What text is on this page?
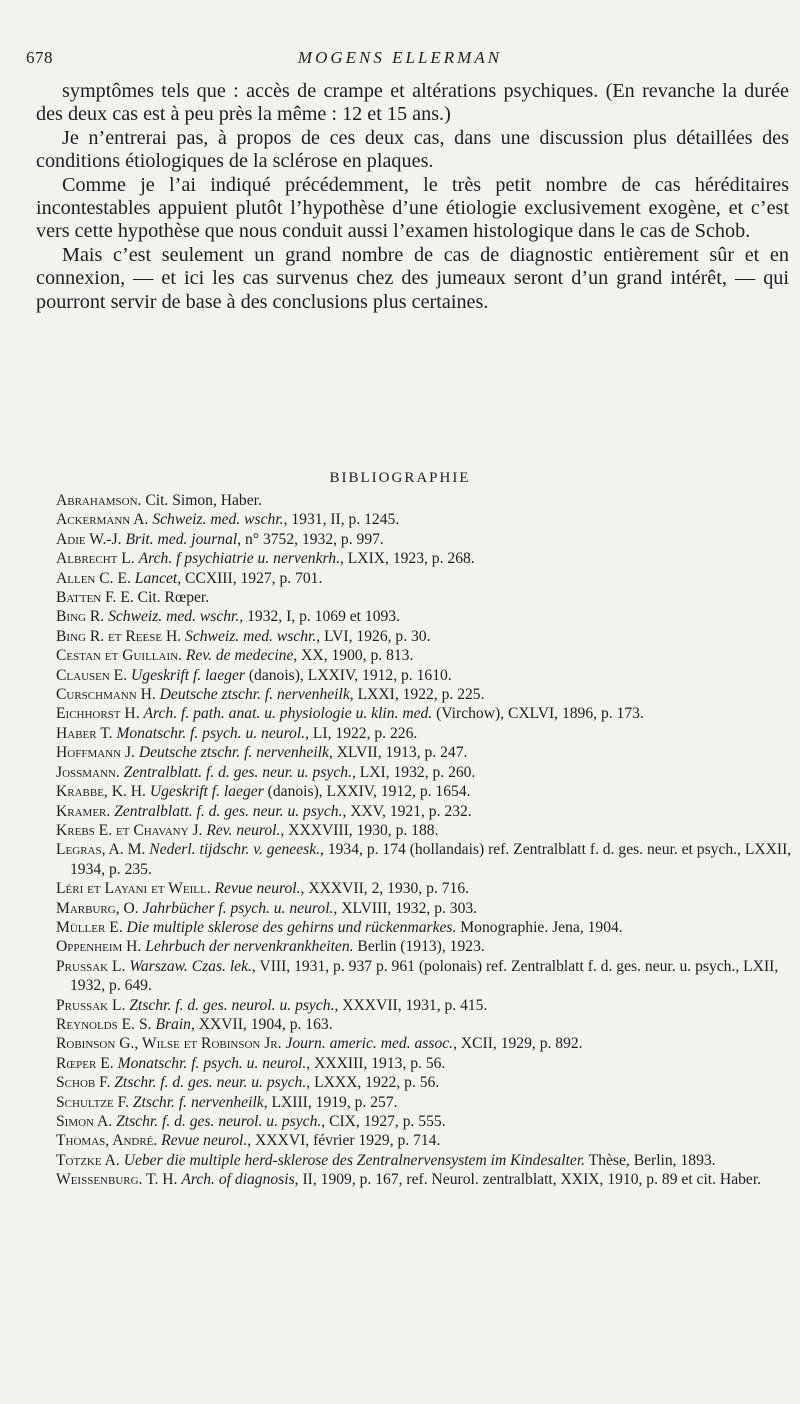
678	MOGENS ELLERMAN

symptômes tels que : accès de crampe et altérations psychiques. (En revanche la durée des deux cas est à peu près la même : 12 et 15 ans.)

Je n’entrerai pas, à propos de ces deux cas, dans une discussion plus détaillées des conditions étiologiques de la sclérose en plaques.

Comme je l’ai indiqué précédemment, le très petit nombre de cas héréditaires incontestables appuient plutôt l’hypothèse d’une étiologie exclusivement exogène, et c’est vers cette hypothèse que nous conduit aussi l’examen histologique dans le cas de Schob.

Mais c’est seulement un grand nombre de cas de diagnostic entièrement sûr et en connexion, — et ici les cas survenus chez des jumeaux seront d’un grand intérêt, — qui pourront servir de base à des conclusions plus certaines.

BIBLIOGRAPHIE

Abrahamson. Cit. Simon, Haber.

Ackermann A. Schweiz. med. wschr., 1931, II, p. 1245.

Adie W.-J. Brit. med. journal, n° 3752, 1932, p. 997.

Albrecht L. Arch. f psychiatrie u. nervenkrh., LXIX, 1923, p. 268.

Allen C. E. Lancet, CCXIII, 1927, p. 701.

Batten F. E. Cit. Rœper.

Bing R. Schweiz. med. wschr., 1932, I, p. 1069 et 1093.

Bing R. et Reese H. Schweiz. med. wschr., LVI, 1926, p. 30.

Cestan et Guillain. Rev. de medecine, XX, 1900, p. 813.

Clausen E. Ugeskrift f. laeger (danois), LXXIV, 1912, p. 1610.

Curschmann H. Deutsche ztschr. f. nervenheilk, LXXI, 1922, p. 225.

Eichhorst H. Arch. f. path. anat. u. physiologie u. klin. med. (Virchow), CXLVI, 1896, p. 173.

Haber T. Monatschr. f. psych. u. neurol., LI, 1922, p. 226.

Hoffmann J. Deutsche ztschr. f. nervenheilk, XLVII, 1913, p. 247.

Jossmann. Zentralblatt. f. d. ges. neur. u. psych., LXI, 1932, p. 260.

Krabbe, K. H. Ugeskrift f. laeger (danois), LXXIV, 1912, p. 1654.

Kramer. Zentralblatt. f. d. ges. neur. u. psych., XXV, 1921, p. 232.

Krebs E. et Chavany J. Rev. neurol., XXXVIII, 1930, p. 188.

Legras, A. M. Nederl. tijdschr. v. geneesk., 1934, p. 174 (hollandais) ref. Zentralblatt f. d. ges. neur. et psych., LXXII, 1934, p. 235.

Léri et Layani et Weill. Revue neurol., XXXVII, 2, 1930, p. 716.

Marburg, O. Jahrbücher f. psych. u. neurol., XLVIII, 1932, p. 303.

Müller E. Die multiple sklerose des gehirns und rückenmarkes. Monographie. Jena, 1904.

Oppenheim H. Lehrbuch der nervenkrankheiten. Berlin (1913), 1923.

Prussak L. Warszaw. Czas. lek., VIII, 1931, p. 937 p. 961 (polonais) ref. Zentralblatt f. d. ges. neur. u. psych., LXII, 1932, p. 649.

Prussak L. Ztschr. f. d. ges. neurol. u. psych., XXXVII, 1931, p. 415.

Reynolds E. S. Brain, XXVII, 1904, p. 163.

Robinson G., Wilse et Robinson Jr. Journ. americ. med. assoc., XCII, 1929, p. 892.

Rœper E. Monatschr. f. psych. u. neurol., XXXIII, 1913, p. 56.

Schob F. Ztschr. f. d. ges. neur. u. psych., LXXX, 1922, p. 56.

Schultze F. Ztschr. f. nervenheilk, LXIII, 1919, p. 257.

Simon A. Ztschr. f. d. ges. neurol. u. psych., CIX, 1927, p. 555.

Thomas, André. Revue neurol., XXXVI, février 1929, p. 714.

Totzke A. Ueber die multiple herd-sklerose des Zentralnervensystem im Kindesalter. Thèse, Berlin, 1893.

Weissenburg. T. H. Arch. of diagnosis, II, 1909, p. 167, ref. Neurol. zentralblatt, XXIX, 1910, p. 89 et cit. Haber.
